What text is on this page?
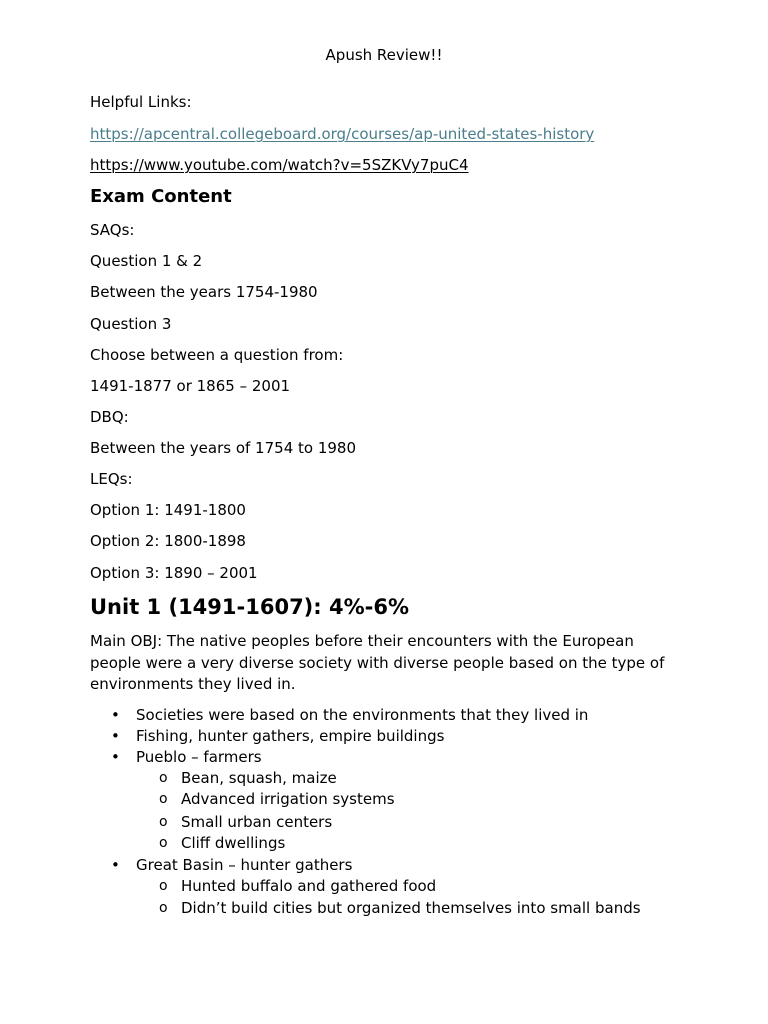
Apush Review!!
Helpful Links:
https://apcentral.collegeboard.org/courses/ap-united-states-history
https://www.youtube.com/watch?v=5SZKVy7puC4
Exam Content
SAQs:
Question 1 & 2
Between the years 1754-1980
Question 3
Choose between a question from:
1491-1877 or 1865 – 2001
DBQ:
Between the years of 1754 to 1980
LEQs:
Option 1: 1491-1800
Option 2: 1800-1898
Option 3: 1890 – 2001
Unit 1 (1491-1607): 4%-6%
Main OBJ: The native peoples before their encounters with the European people were a very diverse society with diverse people based on the type of environments they lived in.
• Societies were based on the environments that they lived in
• Fishing, hunter gathers, empire buildings
• Pueblo – farmers
o Bean, squash, maize
o Advanced irrigation systems
o Small urban centers
o Cliff dwellings
• Great Basin – hunter gathers
o Hunted buffalo and gathered food
o Didn’t build cities but organized themselves into small bands
